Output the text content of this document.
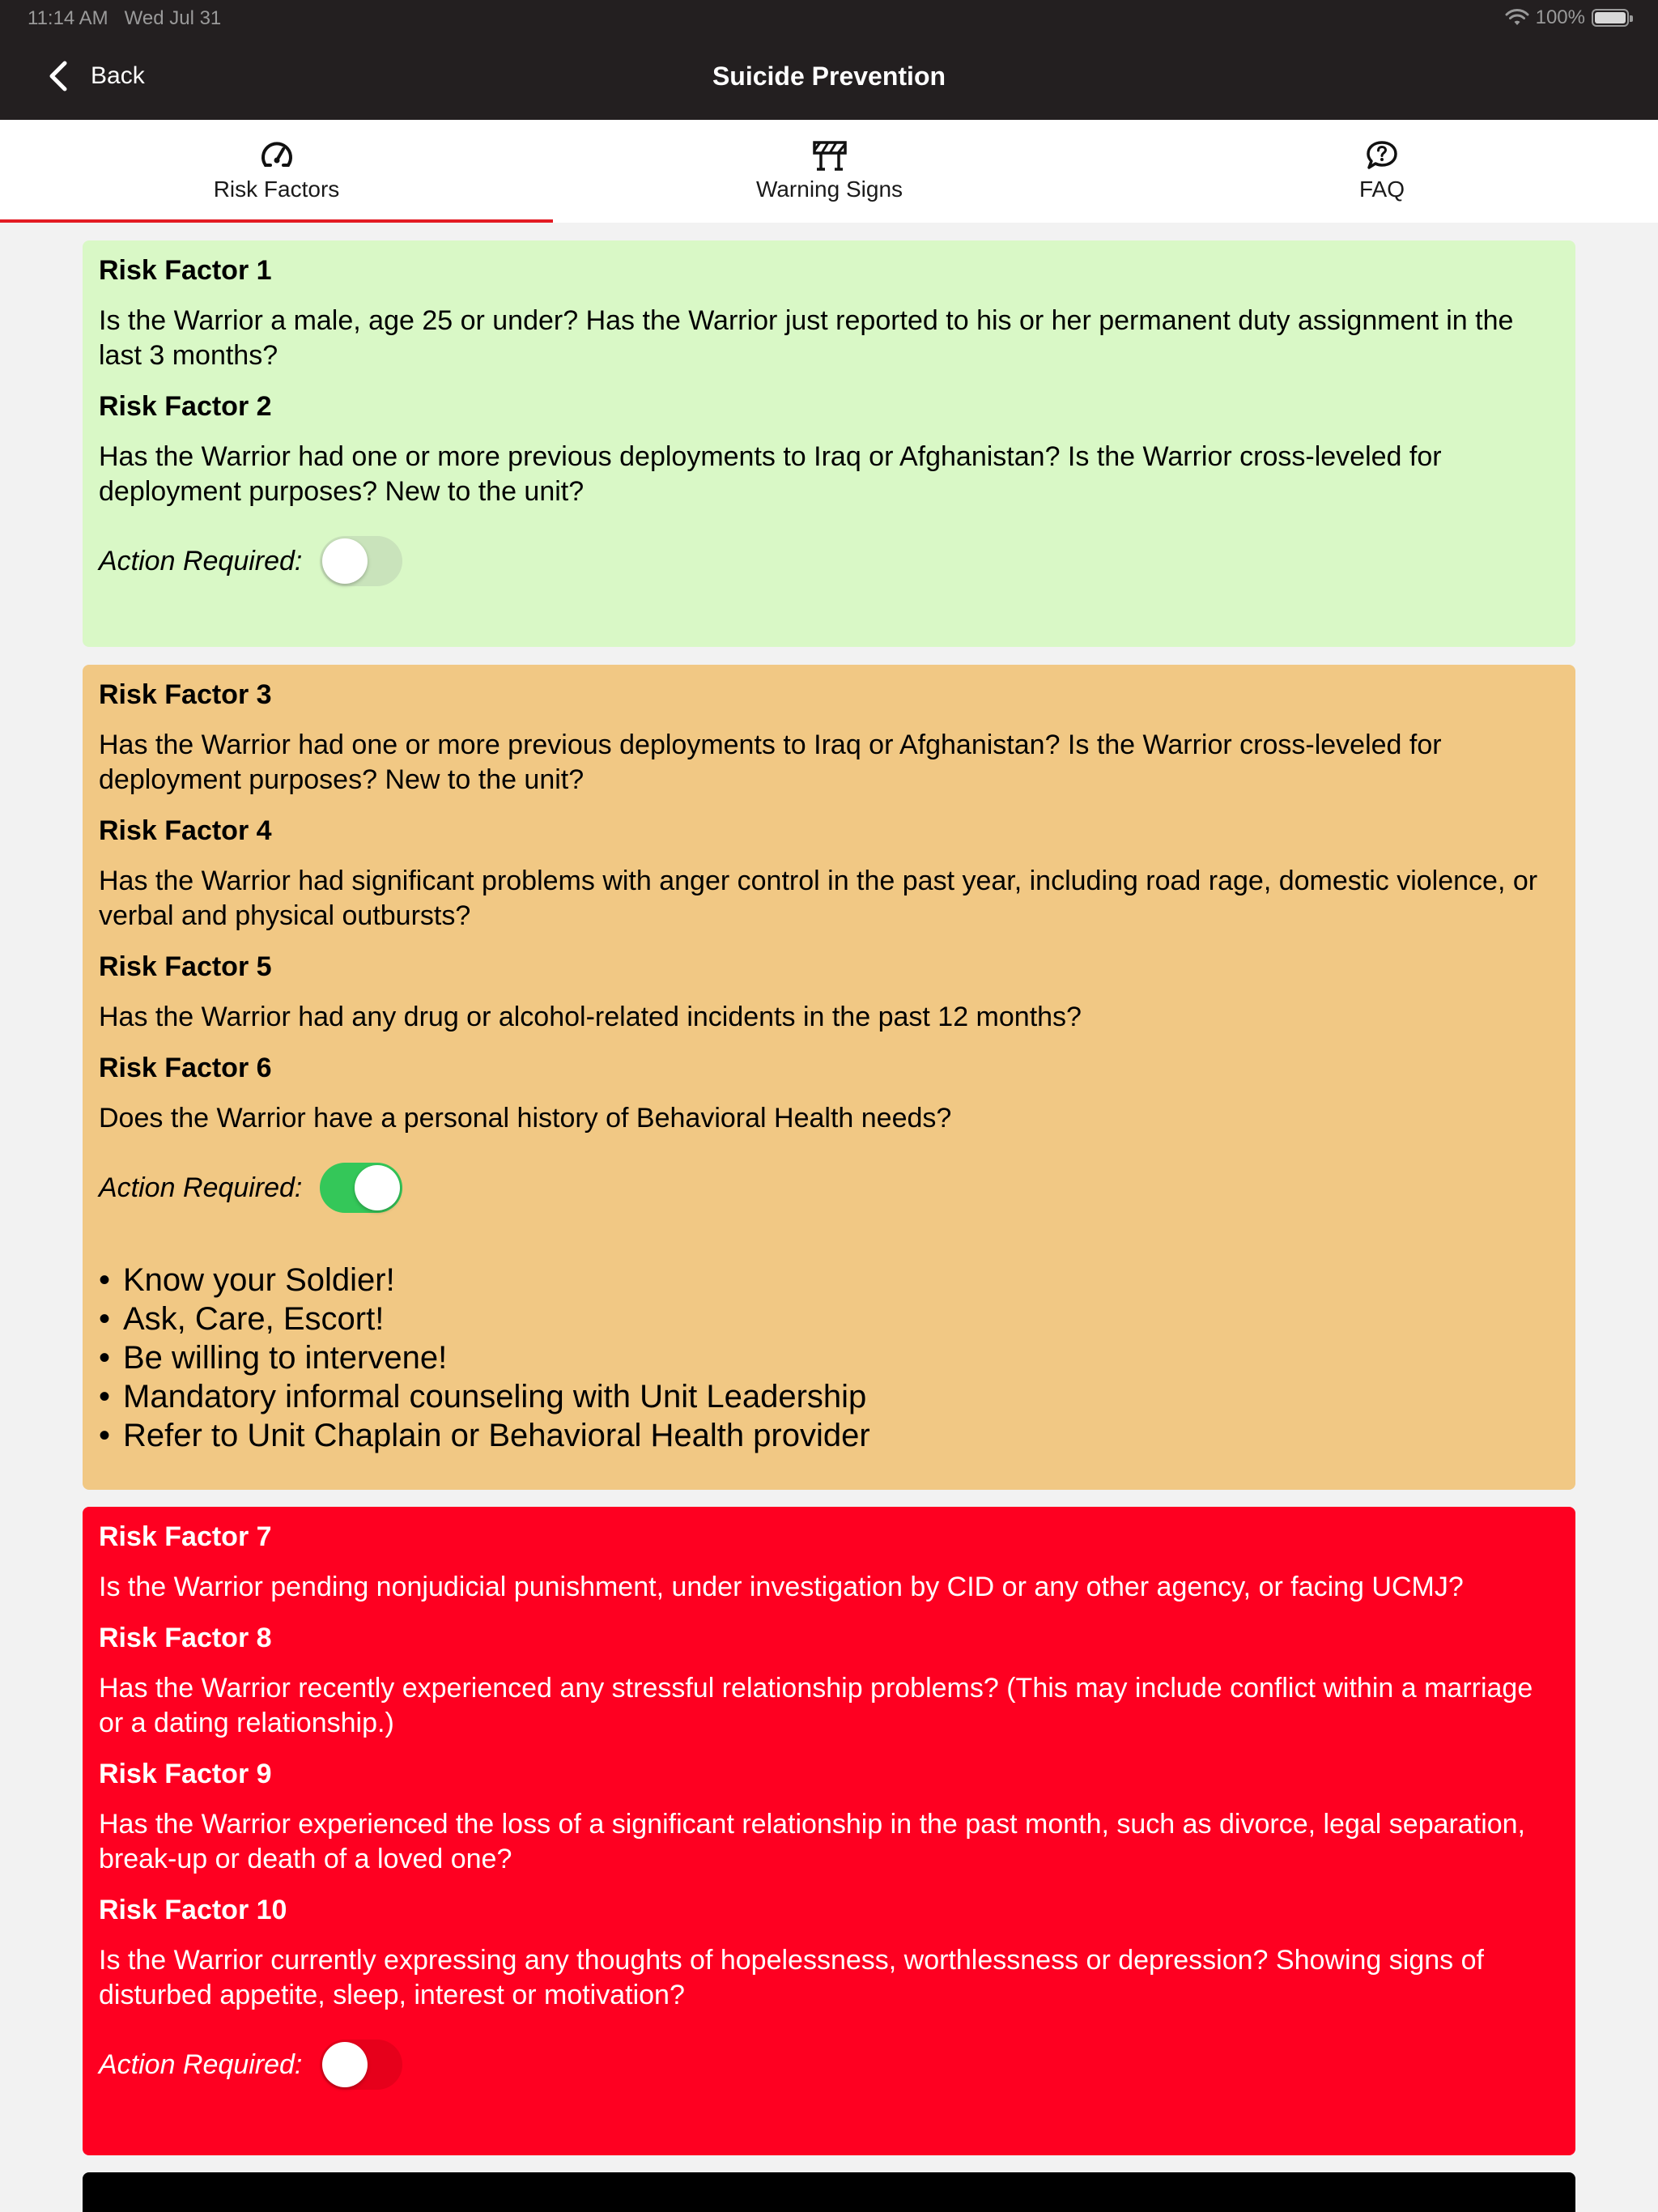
11:14 AM Wed Jul 31	100%
Back	Suicide Prevention
Risk Factors	Warning Signs	FAQ
Risk Factor 1
Is the Warrior a male, age 25 or under? Has the Warrior just reported to his or her permanent duty assignment in the last 3 months?
Risk Factor 2
Has the Warrior had one or more previous deployments to Iraq or Afghanistan? Is the Warrior cross-leveled for deployment purposes? New to the unit?
Action Required:
Risk Factor 3
Has the Warrior had one or more previous deployments to Iraq or Afghanistan? Is the Warrior cross-leveled for deployment purposes? New to the unit?
Risk Factor 4
Has the Warrior had significant problems with anger control in the past year, including road rage, domestic violence, or verbal and physical outbursts?
Risk Factor 5
Has the Warrior had any drug or alcohol-related incidents in the past 12 months?
Risk Factor 6
Does the Warrior have a personal history of Behavioral Health needs?
Action Required:
• Know your Soldier!
• Ask, Care, Escort!
• Be willing to intervene!
• Mandatory informal counseling with Unit Leadership
• Refer to Unit Chaplain or Behavioral Health provider
Risk Factor 7
Is the Warrior pending nonjudicial punishment, under investigation by CID or any other agency, or facing UCMJ?
Risk Factor 8
Has the Warrior recently experienced any stressful relationship problems? (This may include conflict within a marriage or a dating relationship.)
Risk Factor 9
Has the Warrior experienced the loss of a significant relationship in the past month, such as divorce, legal separation, break-up or death of a loved one?
Risk Factor 10
Is the Warrior currently expressing any thoughts of hopelessness, worthlessness or depression? Showing signs of disturbed appetite, sleep, interest or motivation?
Action Required:
